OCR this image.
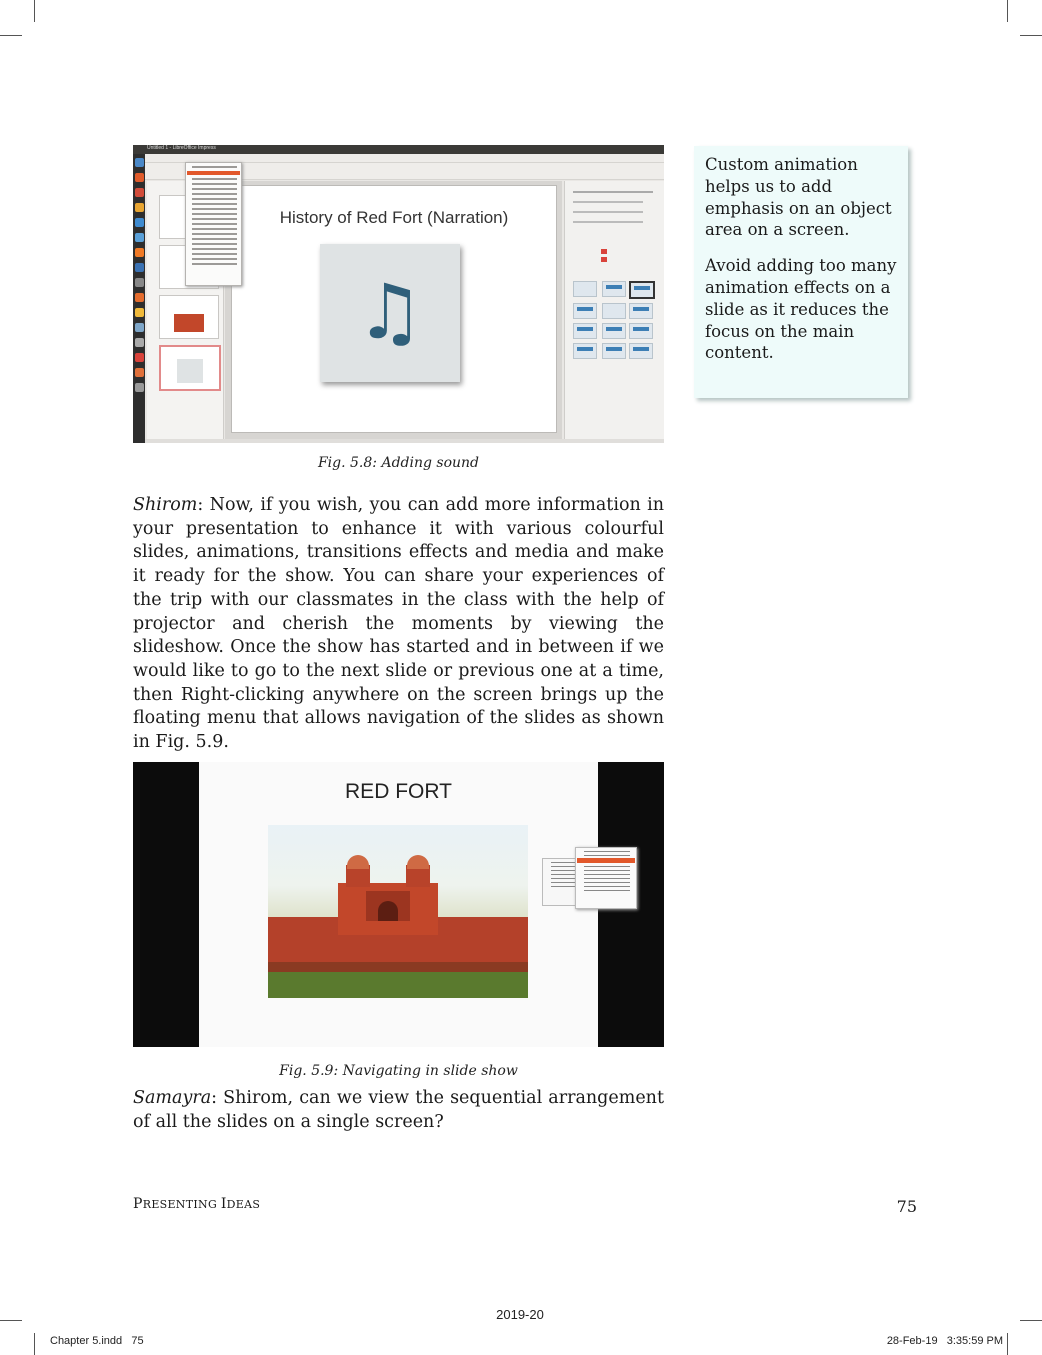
Untitled 1 - LibreOffice Impress
History of Red Fort (Narration)
♫
Fig. 5.8: Adding sound

Custom animation helps us to add emphasis on an object area on a screen.

Avoid adding too many animation effects on a slide as it reduces the focus on the main content.

Shirom: Now, if you wish, you can add more information in your presentation to enhance it with various colourful slides, animations, transitions effects and media and make it ready for the show. You can share your experiences of the trip with our classmates in the class with the help of projector and cherish the moments by viewing the slideshow. Once the show has started and in between if we would like to go to the next slide or previous one at a time, then Right-clicking anywhere on the screen brings up the floating menu that allows navigation of the slides as shown in Fig. 5.9.
RED FORT
Fig. 5.9: Navigating in slide show
Samayra: Shirom, can we view the sequential arrangement of all the slides on a single screen?
PRESENTING IDEAS	75
2019-20
Chapter 5.indd   75	28-Feb-19   3:35:59 PM
